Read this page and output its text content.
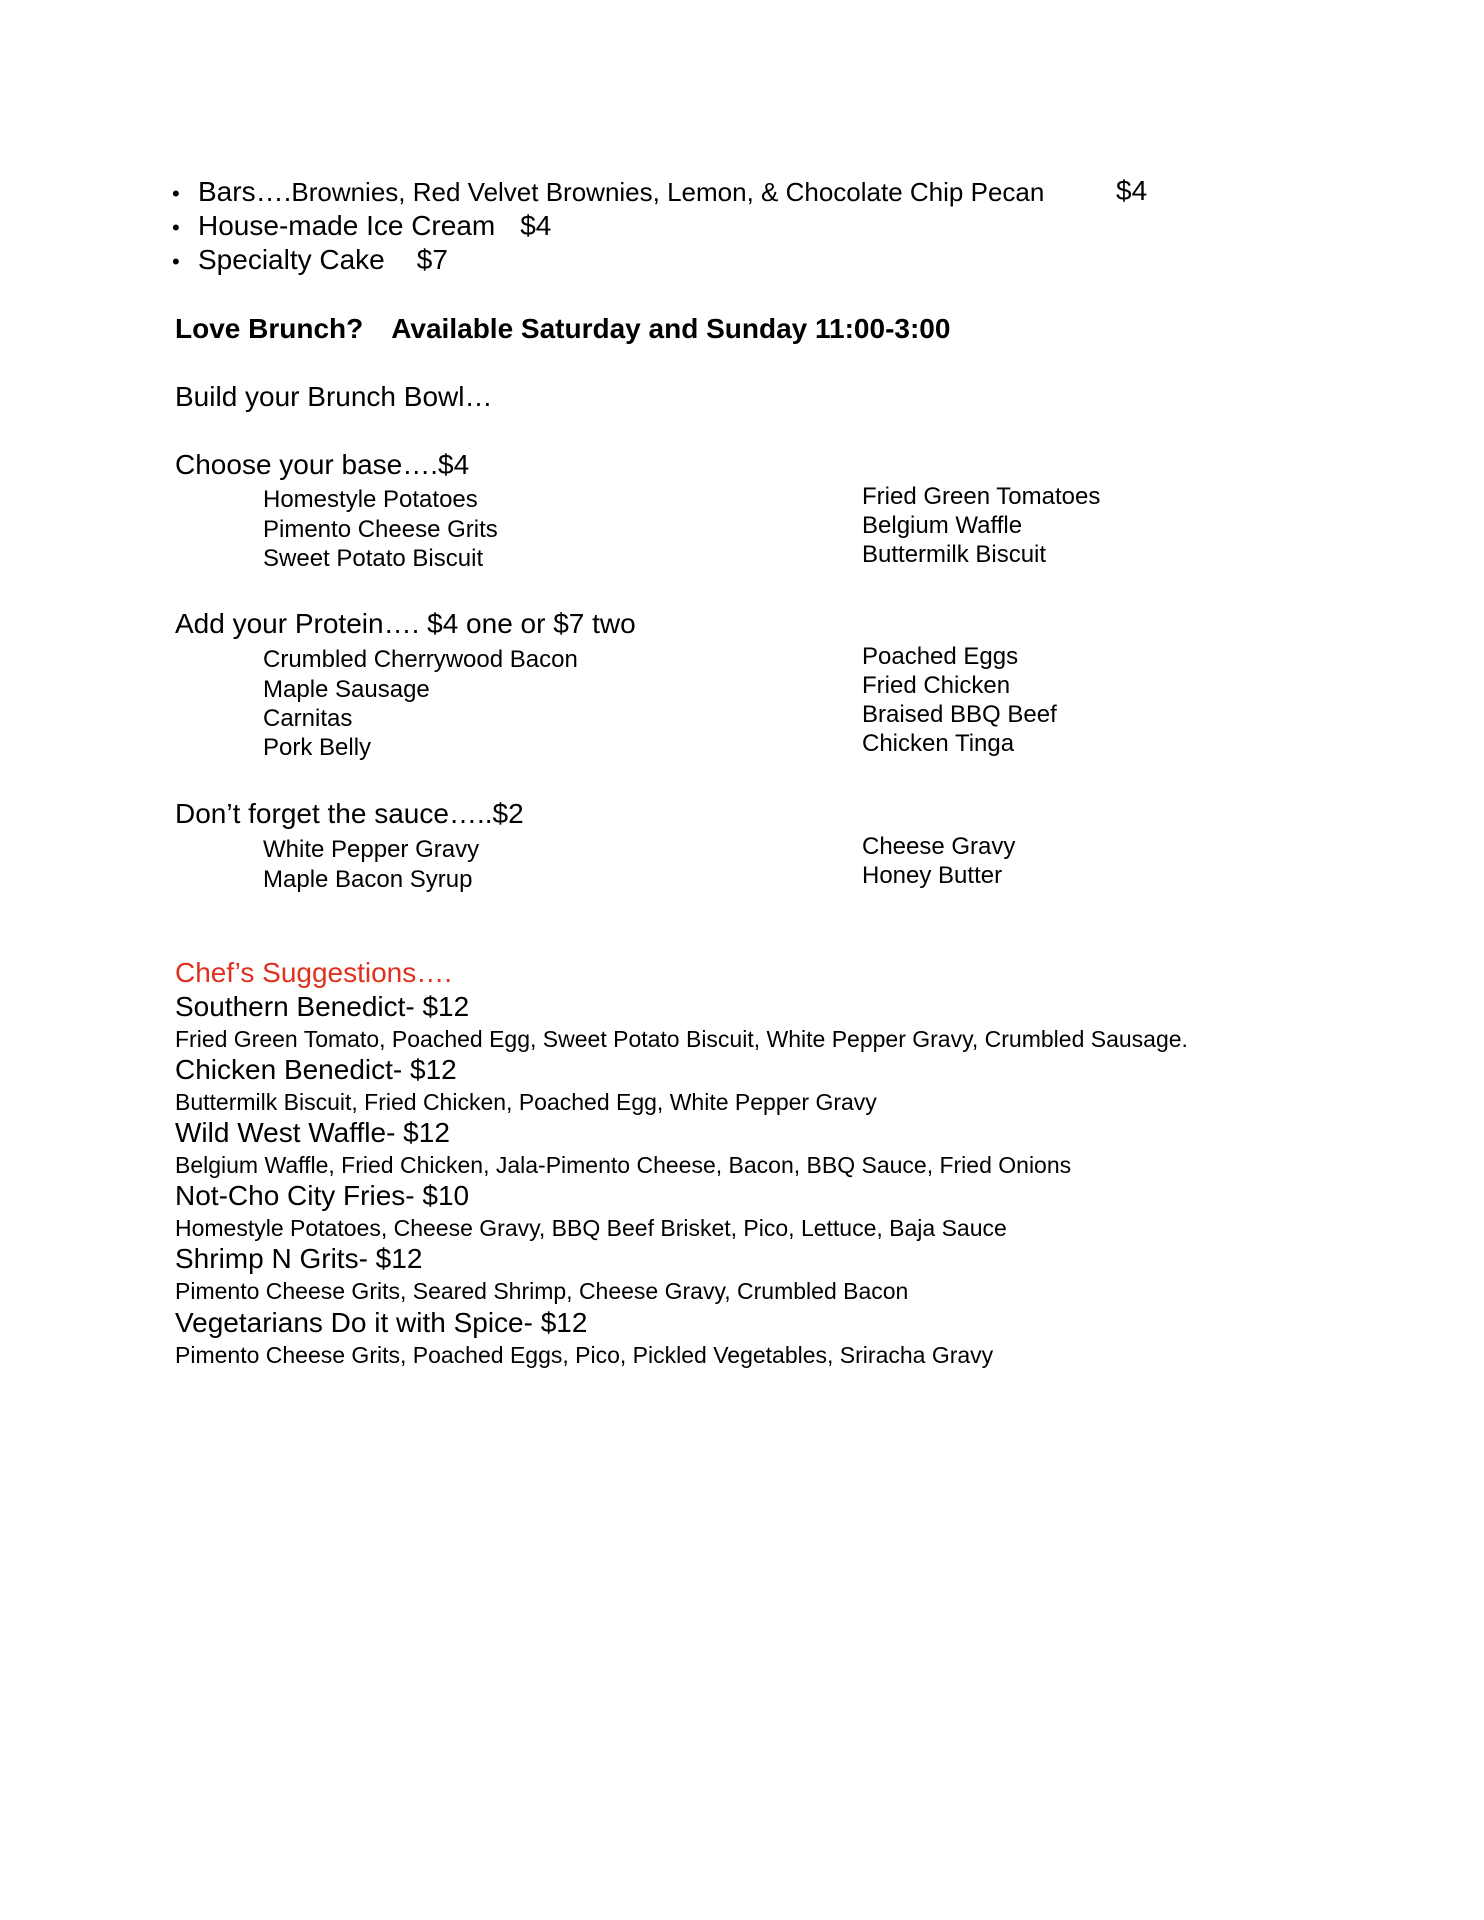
• Bars….Brownies, Red Velvet Brownies, Lemon, & Chocolate Chip Pecan	$4
• House-made Ice Cream $4
• Specialty Cake $7
Love Brunch? Available Saturday and Sunday 11:00-3:00
Build your Brunch Bowl…
Choose your base….$4
Homestyle Potatoes
Pimento Cheese Grits
Sweet Potato Biscuit
Fried Green Tomatoes
Belgium Waffle
Buttermilk Biscuit
Add your Protein…. $4 one or $7 two
Crumbled Cherrywood Bacon
Maple Sausage
Carnitas
Pork Belly
Poached Eggs
Fried Chicken
Braised BBQ Beef
Chicken Tinga
Don’t forget the sauce…..$2
White Pepper Gravy
Maple Bacon Syrup
Cheese Gravy
Honey Butter
Chef’s Suggestions….
Southern Benedict- $12
Fried Green Tomato, Poached Egg, Sweet Potato Biscuit, White Pepper Gravy, Crumbled Sausage.
Chicken Benedict- $12
Buttermilk Biscuit, Fried Chicken, Poached Egg, White Pepper Gravy
Wild West Waffle- $12
Belgium Waffle, Fried Chicken, Jala-Pimento Cheese, Bacon, BBQ Sauce, Fried Onions
Not-Cho City Fries- $10
Homestyle Potatoes, Cheese Gravy, BBQ Beef Brisket, Pico, Lettuce, Baja Sauce
Shrimp N Grits- $12
Pimento Cheese Grits, Seared Shrimp, Cheese Gravy, Crumbled Bacon
Vegetarians Do it with Spice- $12
Pimento Cheese Grits, Poached Eggs, Pico, Pickled Vegetables, Sriracha Gravy
